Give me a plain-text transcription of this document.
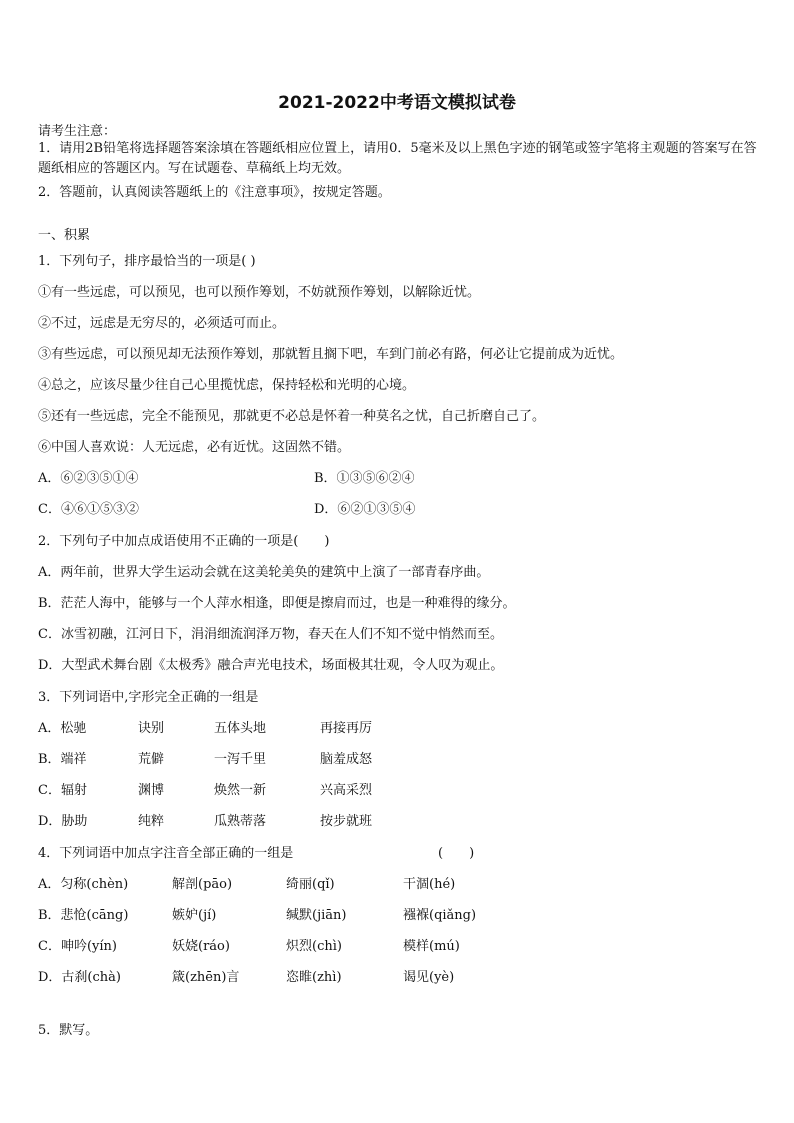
2021-2022中考语文模拟试卷
请考生注意：
1．请用2B铅笔将选择题答案涂填在答题纸相应位置上，请用0．5毫米及以上黑色字迹的钢笔或签字笔将主观题的答案写在答题纸相应的答题区内。写在试题卷、草稿纸上均无效。
2．答题前，认真阅读答题纸上的《注意事项》，按规定答题。
一、积累
1．下列句子，排序最恰当的一项是( )
①有一些远虑，可以预见，也可以预作筹划，不妨就预作筹划，以解除近忧。
②不过，远虑是无穷尽的，必须适可而止。
③有些远虑，可以预见却无法预作筹划，那就暂且搁下吧，车到门前必有路，何必让它提前成为近忧。
④总之，应该尽量少往自己心里揽忧虑，保持轻松和光明的心境。
⑤还有一些远虑，完全不能预见，那就更不必总是怀着一种莫名之忧，自己折磨自己了。
⑥中国人喜欢说：人无远虑，必有近忧。这固然不错。
A．⑥②③⑤①④	B．①③⑤⑥②④
C．④⑥①⑤③②	D．⑥②①③⑤④
2．下列句子中加点成语使用不正确的一项是(　　)
A．两年前，世界大学生运动会就在这美轮美奂的建筑中上演了一部青春序曲。
B．茫茫人海中，能够与一个人萍水相逢，即便是擦肩而过，也是一种难得的缘分。
C．冰雪初融，江河日下，涓涓细流润泽万物，春天在人们不知不觉中悄然而至。
D．大型武术舞台剧《太极秀》融合声光电技术，场面极其壮观，令人叹为观止。
3．下列词语中,字形完全正确的一组是
A．松驰	诀别	五体头地	再接再厉
B．端祥	荒僻	一泻千里	脑羞成怒
C．辐射	渊博	焕然一新	兴高采烈
D．胁助	纯粹	瓜熟蒂落	按步就班
4．下列词语中加点字注音全部正确的一组是	(　　)
A．匀称(chèn)	解剖(pāo)	绮丽(qǐ)	干涸(hé)
B．悲怆(cāng)	嫉妒(jí)	缄默(jiān)	襁褓(qiǎng)
C．呻吟(yín)	妖娆(ráo)	炽烈(chì)	模样(mú)
D．古刹(chà)	箴(zhēn)言	恣睢(zhì)	谒见(yè)
5．默写。
